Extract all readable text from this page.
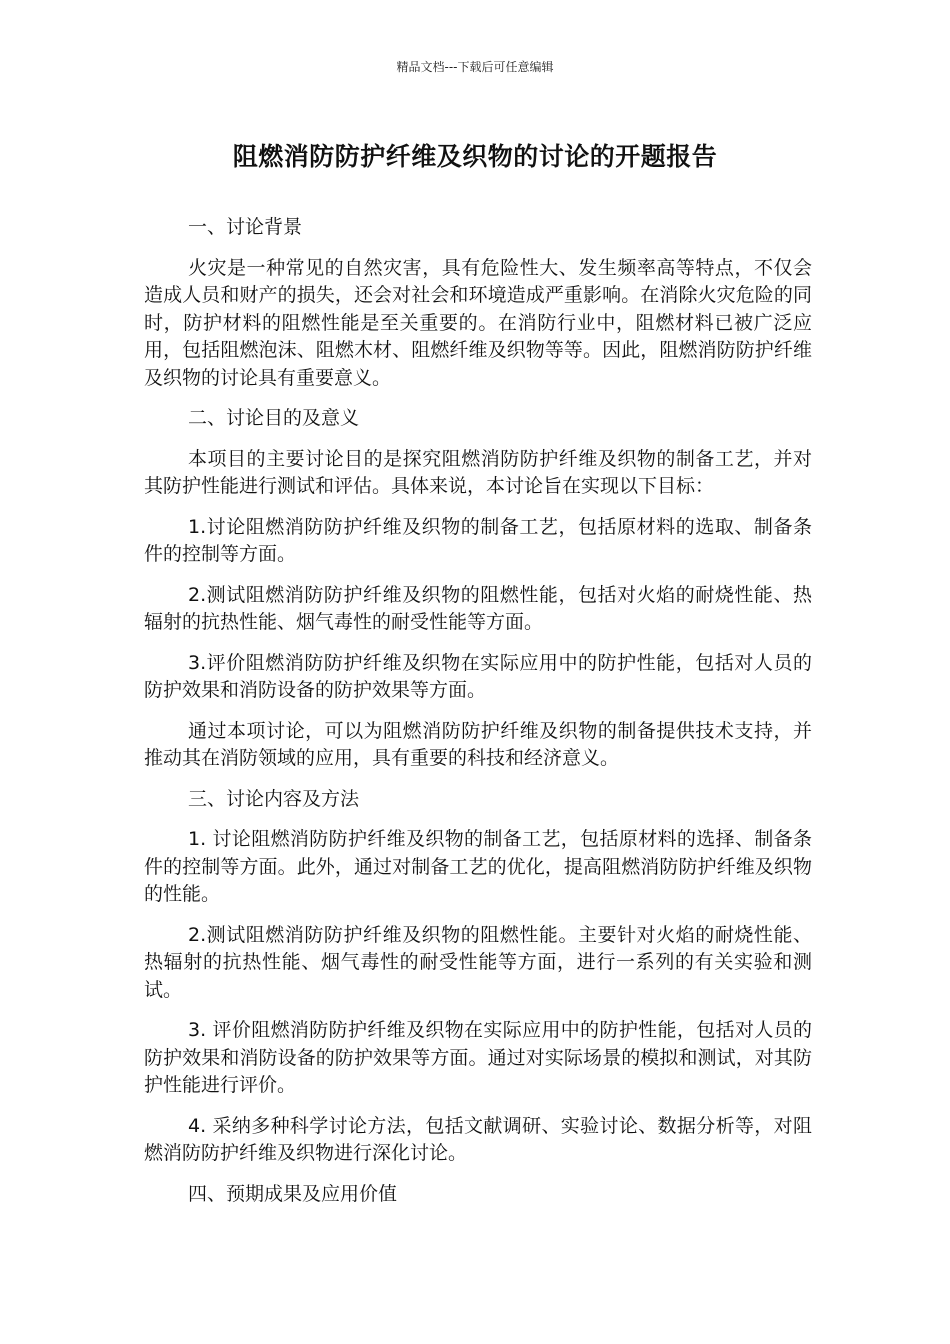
精品文档---下载后可任意编辑
阻燃消防防护纤维及织物的讨论的开题报告
一、讨论背景
火灾是一种常见的自然灾害，具有危险性大、发生频率高等特点，不仅会造成人员和财产的损失，还会对社会和环境造成严重影响。在消除火灾危险的同时，防护材料的阻燃性能是至关重要的。在消防行业中，阻燃材料已被广泛应用，包括阻燃泡沫、阻燃木材、阻燃纤维及织物等等。因此，阻燃消防防护纤维及织物的讨论具有重要意义。
二、讨论目的及意义
本项目的主要讨论目的是探究阻燃消防防护纤维及织物的制备工艺，并对其防护性能进行测试和评估。具体来说，本讨论旨在实现以下目标：
1.讨论阻燃消防防护纤维及织物的制备工艺，包括原材料的选取、制备条件的控制等方面。
2.测试阻燃消防防护纤维及织物的阻燃性能，包括对火焰的耐烧性能、热辐射的抗热性能、烟气毒性的耐受性能等方面。
3.评价阻燃消防防护纤维及织物在实际应用中的防护性能，包括对人员的防护效果和消防设备的防护效果等方面。
通过本项讨论，可以为阻燃消防防护纤维及织物的制备提供技术支持，并推动其在消防领域的应用，具有重要的科技和经济意义。
三、讨论内容及方法
1. 讨论阻燃消防防护纤维及织物的制备工艺，包括原材料的选择、制备条件的控制等方面。此外，通过对制备工艺的优化，提高阻燃消防防护纤维及织物的性能。
2.测试阻燃消防防护纤维及织物的阻燃性能。主要针对火焰的耐烧性能、热辐射的抗热性能、烟气毒性的耐受性能等方面，进行一系列的有关实验和测试。
3. 评价阻燃消防防护纤维及织物在实际应用中的防护性能，包括对人员的防护效果和消防设备的防护效果等方面。通过对实际场景的模拟和测试，对其防护性能进行评价。
4. 采纳多种科学讨论方法，包括文献调研、实验讨论、数据分析等，对阻燃消防防护纤维及织物进行深化讨论。
四、预期成果及应用价值
